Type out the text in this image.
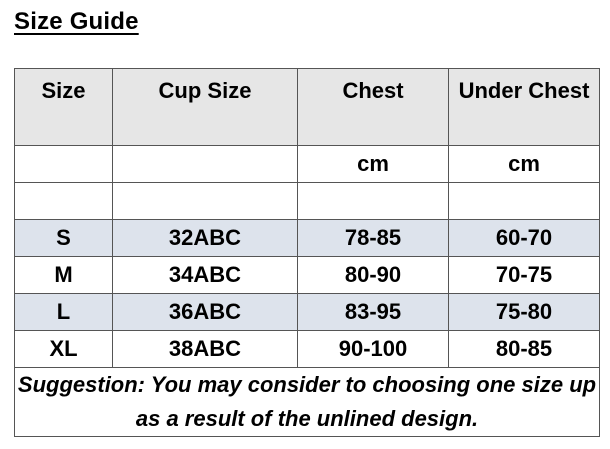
Size Guide
Size	Cup Size	Chest	Under Chest
		cm	cm

S	32ABC	78-85	60-70
M	34ABC	80-90	70-75
L	36ABC	83-95	75-80
XL	38ABC	90-100	80-85
Suggestion: You may consider to choosing one size up as a result of the unlined design.			
